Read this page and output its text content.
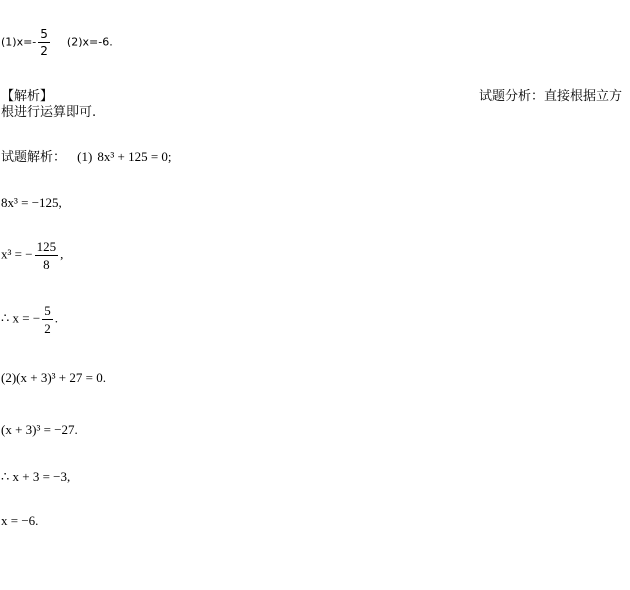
$(1)x=- \frac{5}{2} (2)x=-6$.
【解析】	试题分析：直接根据立方
根进行运算即可.
试题解析： (1) 8x³ + 125 = 0;
8x³ = −125,
x³ = − $\frac{125}{8}$ ,
∴ x = − $\frac{5}{2}$ .
(2)(x + 3)³ + 27 = 0.
(x + 3)³ = −27.
∴ x + 3 = −3,
x = −6.
